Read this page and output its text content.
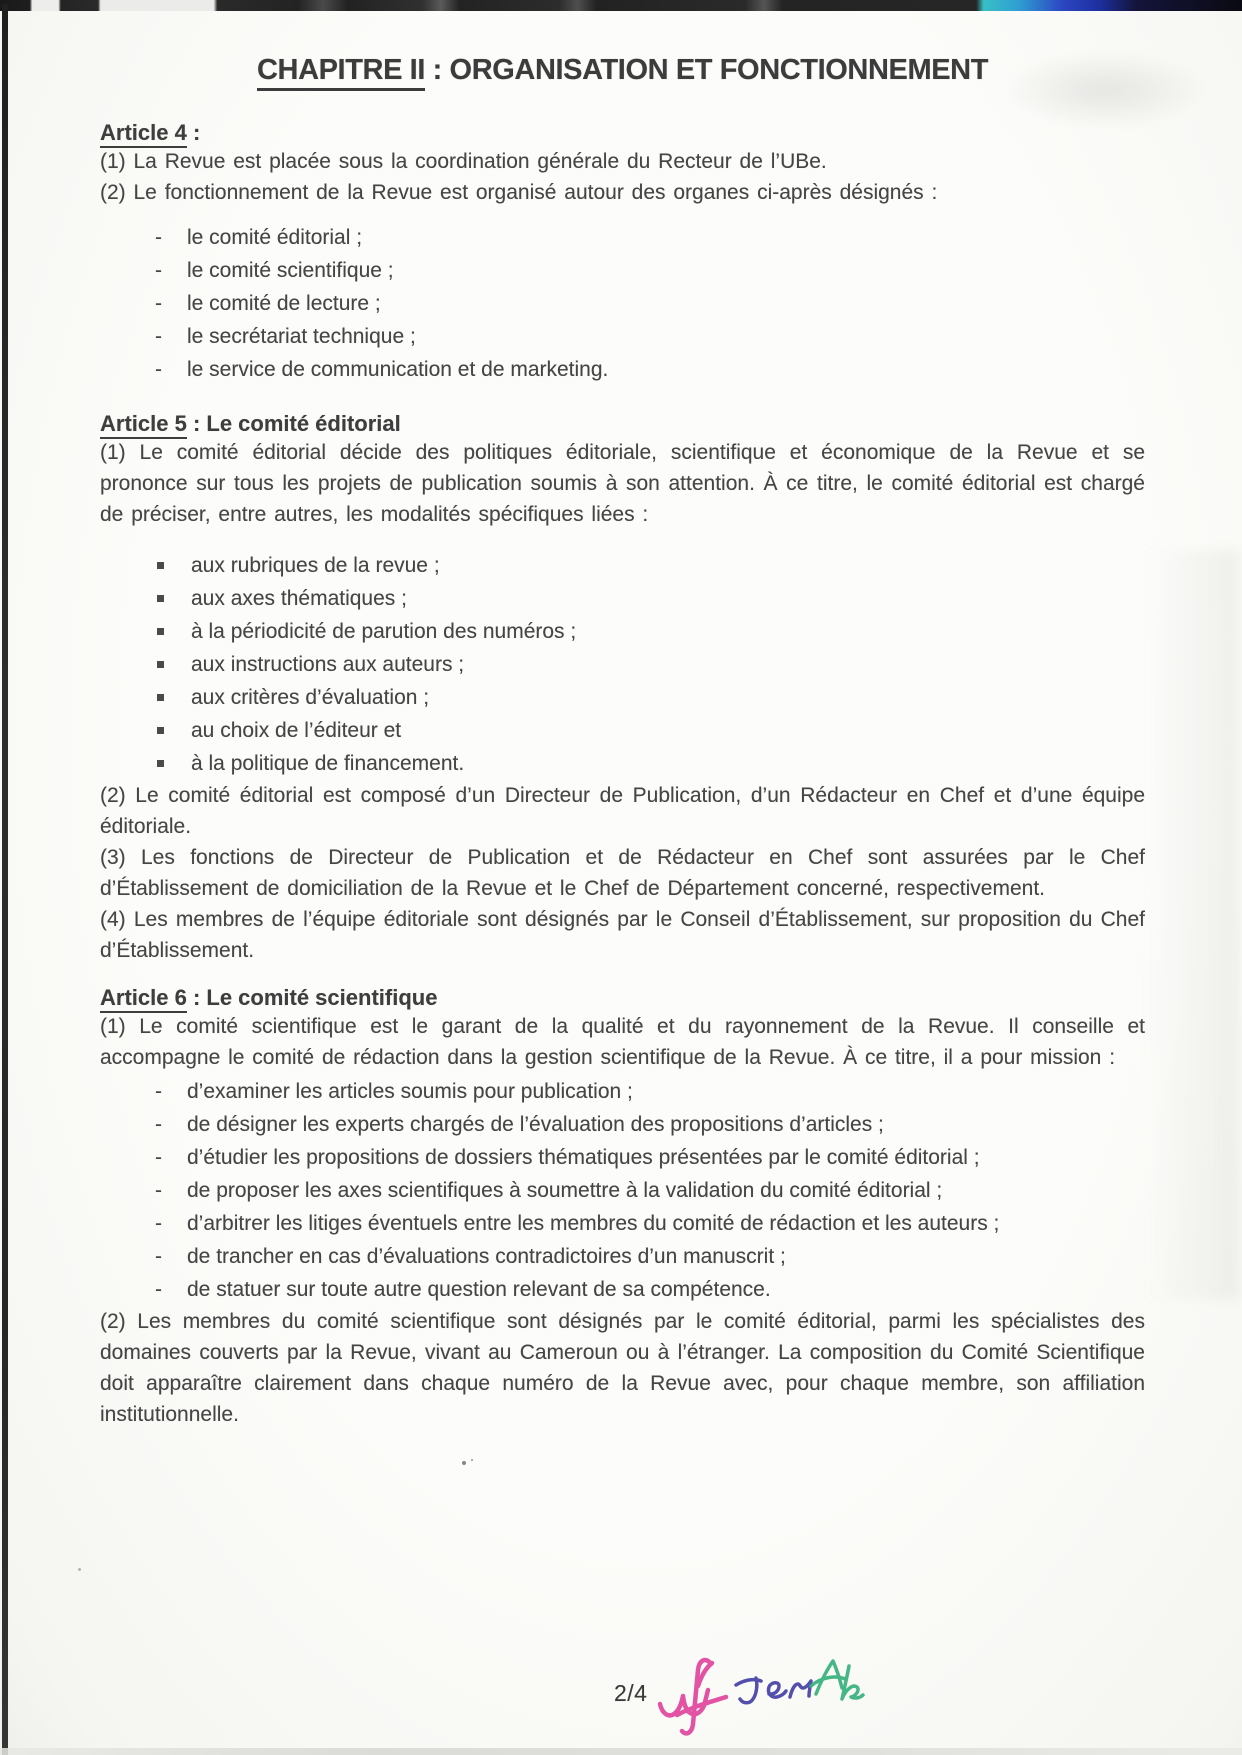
CHAPITRE II : ORGANISATION ET FONCTIONNEMENT
Article 4 :

(1) La Revue est placée sous la coordination générale du Recteur de l’UBe.

(2) Le fonctionnement de la Revue est organisé autour des organes ci-après désignés :

- le comité éditorial ;
- le comité scientifique ;
- le comité de lecture ;
- le secrétariat technique ;
- le service de communication et de marketing.
Article 5 : Le comité éditorial

(1) Le comité éditorial décide des politiques éditoriale, scientifique et économique de la Revue et se prononce sur tous les projets de publication soumis à son attention. À ce titre, le comité éditorial est chargé de préciser, entre autres, les modalités spécifiques liées :

aux rubriques de la revue ;
aux axes thématiques ;
à la périodicité de parution des numéros ;
aux instructions aux auteurs ;
aux critères d’évaluation ;
au choix de l’éditeur et
à la politique de financement.

(2) Le comité éditorial est composé d’un Directeur de Publication, d’un Rédacteur en Chef et d’une équipe éditoriale.

(3) Les fonctions de Directeur de Publication et de Rédacteur en Chef sont assurées par le Chef d’Établissement de domiciliation de la Revue et le Chef de Département concerné, respectivement.

(4) Les membres de l’équipe éditoriale sont désignés par le Conseil d’Établissement, sur proposition du Chef d’Établissement.

Article 6 : Le comité scientifique

(1) Le comité scientifique est le garant de la qualité et du rayonnement de la Revue. Il conseille et accompagne le comité de rédaction dans la gestion scientifique de la Revue. À ce titre, il a pour mission :

- d’examiner les articles soumis pour publication ;
- de désigner les experts chargés de l’évaluation des propositions d’articles ;
- d’étudier les propositions de dossiers thématiques présentées par le comité éditorial ;
- de proposer les axes scientifiques à soumettre à la validation du comité éditorial ;
- d’arbitrer les litiges éventuels entre les membres du comité de rédaction et les auteurs ;
- de trancher en cas d’évaluations contradictoires d’un manuscrit ;
- de statuer sur toute autre question relevant de sa compétence.

(2) Les membres du comité scientifique sont désignés par le comité éditorial, parmi les spécialistes des domaines couverts par la Revue, vivant au Cameroun ou à l’étranger. La composition du Comité Scientifique doit apparaître clairement dans chaque numéro de la Revue avec, pour chaque membre, son affiliation institutionnelle.

2/4
